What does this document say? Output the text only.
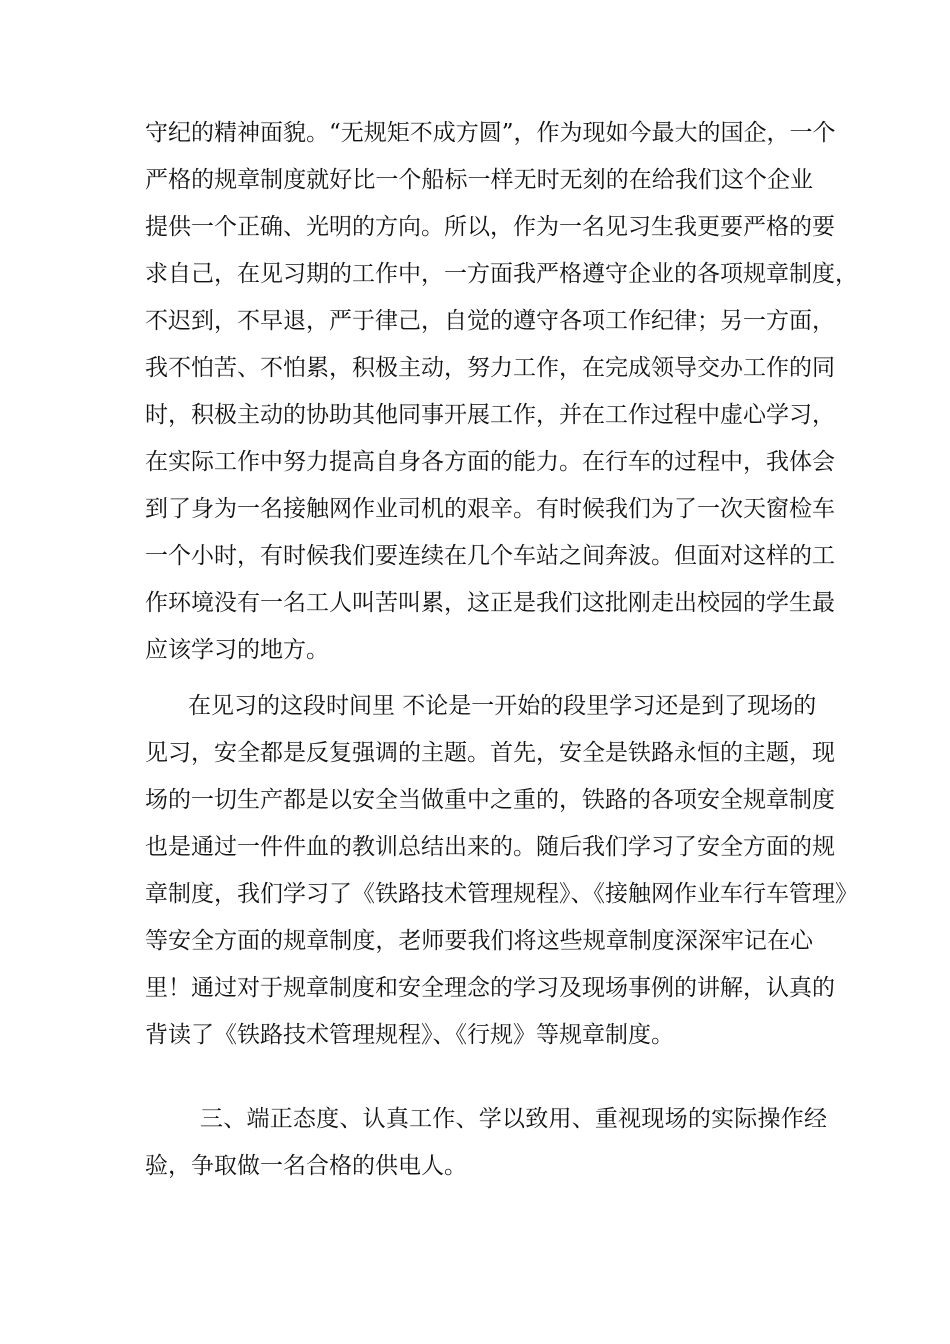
守纪的精神面貌。“无规矩不成方圆”，作为现如今最大的国企，一个
严格的规章制度就好比一个船标一样无时无刻的在给我们这个企业
提供一个正确、光明的方向。所以，作为一名见习生我更要严格的要
求自己，在见习期的工作中，一方面我严格遵守企业的各项规章制度，
不迟到，不早退，严于律己，自觉的遵守各项工作纪律；另一方面，
我不怕苦、不怕累，积极主动，努力工作，在完成领导交办工作的同
时，积极主动的协助其他同事开展工作，并在工作过程中虚心学习，
在实际工作中努力提高自身各方面的能力。在行车的过程中，我体会
到了身为一名接触网作业司机的艰辛。有时候我们为了一次天窗检车
一个小时，有时候我们要连续在几个车站之间奔波。但面对这样的工
作环境没有一名工人叫苦叫累，这正是我们这批刚走出校园的学生最
应该学习的地方。
在见习的这段时间里 不论是一开始的段里学习还是到了现场的
见习，安全都是反复强调的主题。首先，安全是铁路永恒的主题，现
场的一切生产都是以安全当做重中之重的，铁路的各项安全规章制度
也是通过一件件血的教训总结出来的。随后我们学习了安全方面的规
章制度，我们学习了《铁路技术管理规程》、《接触网作业车行车管理》
等安全方面的规章制度，老师要我们将这些规章制度深深牢记在心
里！通过对于规章制度和安全理念的学习及现场事例的讲解，认真的
背读了《铁路技术管理规程》、《行规》等规章制度。
三、端正态度、认真工作、学以致用、重视现场的实际操作经
验，争取做一名合格的供电人。
